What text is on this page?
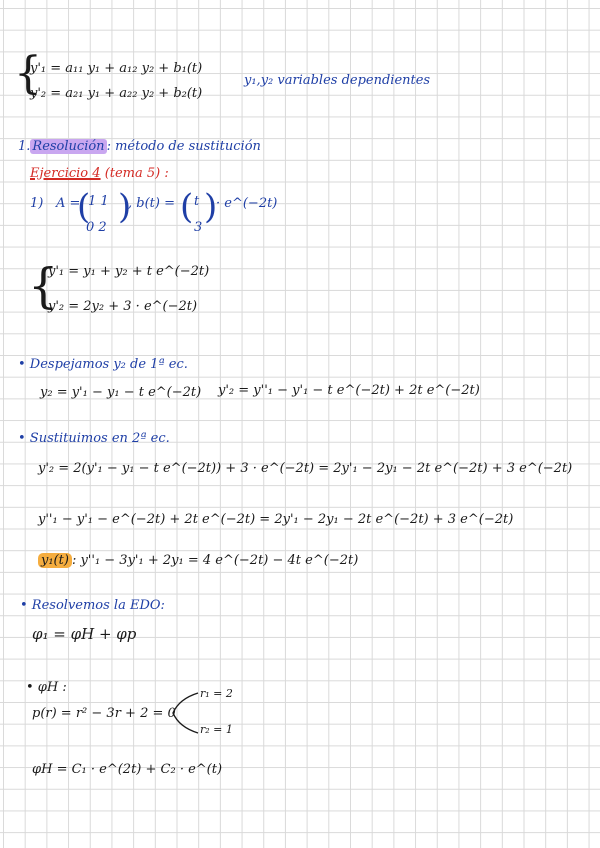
{
y'₁ = a₁₁ y₁ + a₁₂ y₂ + b₁(t)
y'₂ = a₂₁ y₁ + a₂₂ y₂ + b₂(t)
y₁,y₂ variables dependientes
1. Resolución : método de sustitución
Ejercicio 4 (tema 5) :
1) A =
(
1 1
0 2
)
, b(t) = ( t
3
)
· e^(−2t)
{
y'₁ = y₁ + y₂ + t e^(−2t)
y'₂ = 2y₂ + 3 · e^(−2t)
• Despejamos y₂ de 1ª ec.
y₂ = y'₁ − y₁ − t e^(−2t) y'₂ = y''₁ − y'₁ − t e^(−2t) + 2t e^(−2t)
• Sustituimos en 2ª ec.
y'₂ = 2(y'₁ − y₁ − t e^(−2t)) + 3 · e^(−2t) = 2y'₁ − 2y₁ − 2t e^(−2t) + 3 e^(−2t)
y''₁ − y'₁ − e^(−2t) + 2t e^(−2t) = 2y'₁ − 2y₁ − 2t e^(−2t) + 3 e^(−2t)
y₁(t) : y''₁ − 3y'₁ + 2y₁ = 4 e^(−2t) − 4t e^(−2t)
• Resolvemos la EDO:
φ₁ = φH + φp
• φH :
p(r) = r² − 3r + 2 = 0
r₁ = 2
r₂ = 1
φH = C₁ · e^(2t) + C₂ · e^(t)
